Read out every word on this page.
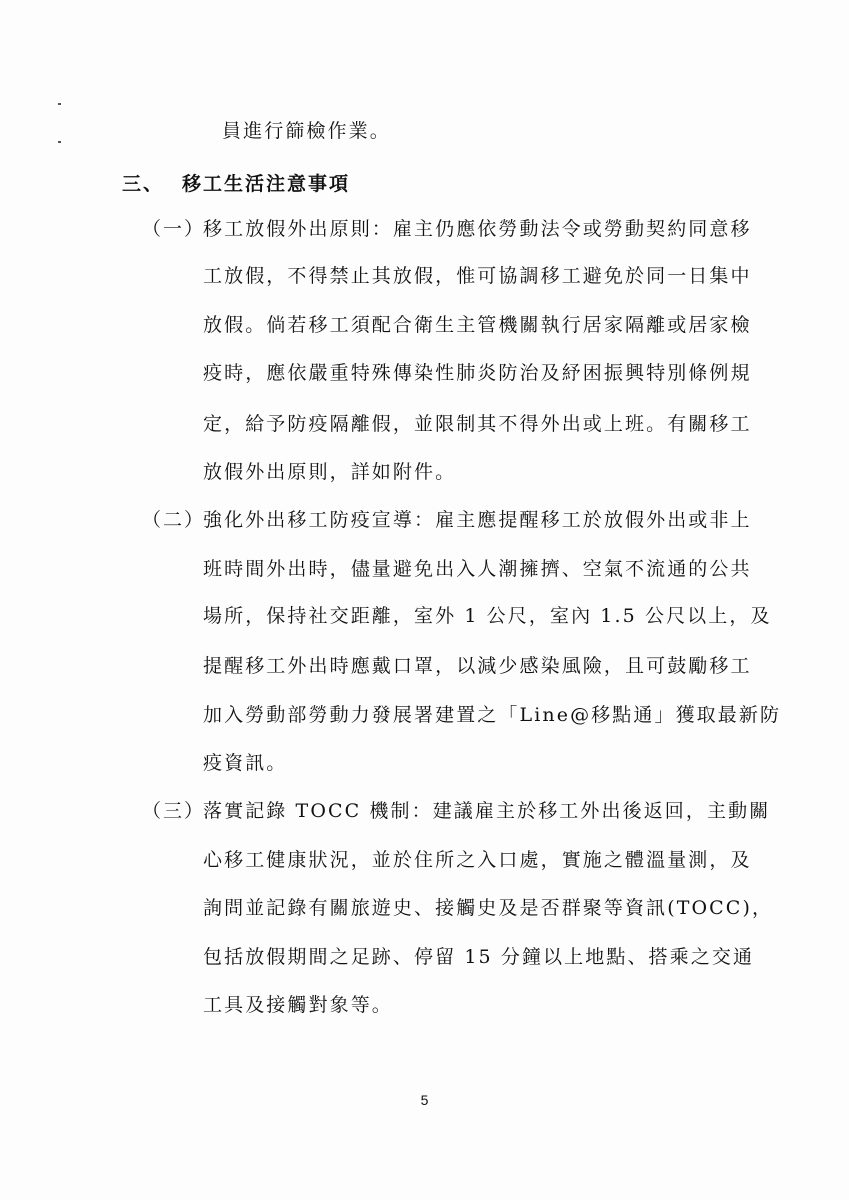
員進行篩檢作業。
三、 移工生活注意事項
（一）
移工放假外出原則：雇主仍應依勞動法令或勞動契約同意移
工放假，不得禁止其放假，惟可協調移工避免於同一日集中
放假。倘若移工須配合衛生主管機關執行居家隔離或居家檢
疫時，應依嚴重特殊傳染性肺炎防治及紓困振興特別條例規
定，給予防疫隔離假，並限制其不得外出或上班。有關移工
放假外出原則，詳如附件。
（二）
強化外出移工防疫宣導：雇主應提醒移工於放假外出或非上
班時間外出時，儘量避免出入人潮擁擠、空氣不流通的公共
場所，保持社交距離，室外 1 公尺，室內 1.5 公尺以上，及
提醒移工外出時應戴口罩，以減少感染風險，且可鼓勵移工
加入勞動部勞動力發展署建置之「Line@移點通」獲取最新防
疫資訊。
（三）
落實記錄 TOCC 機制：建議雇主於移工外出後返回，主動關
心移工健康狀況，並於住所之入口處，實施之體溫量測，及
詢問並記錄有關旅遊史、接觸史及是否群聚等資訊(TOCC)，
包括放假期間之足跡、停留 15 分鐘以上地點、搭乘之交通
工具及接觸對象等。
5
